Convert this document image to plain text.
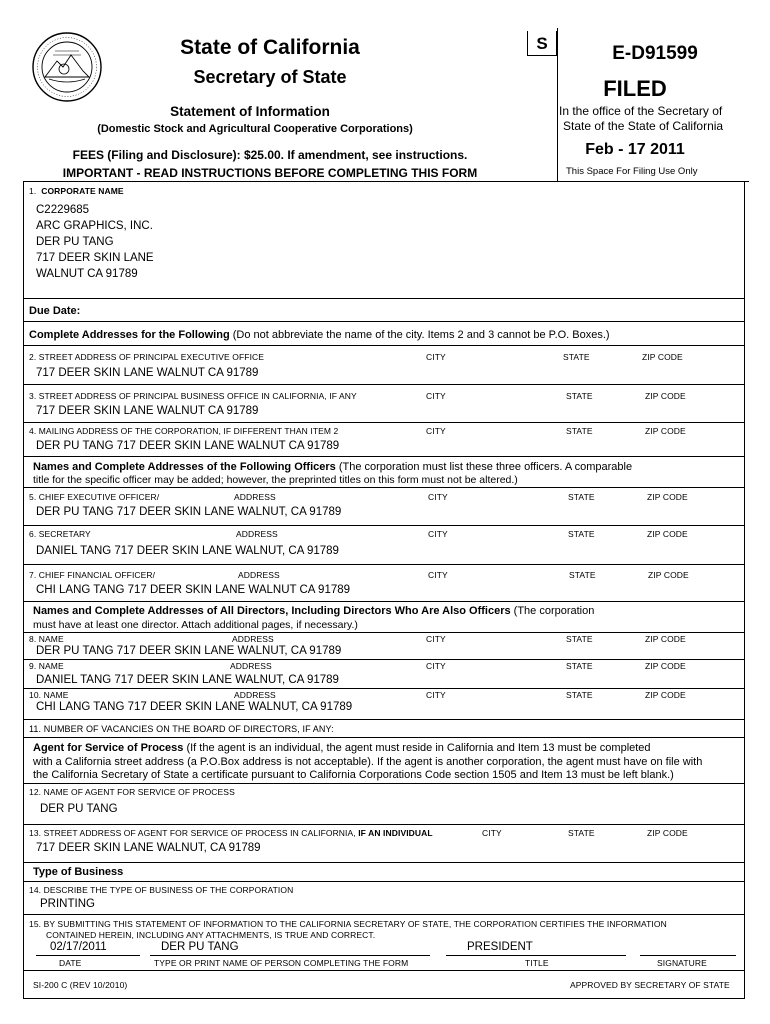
State of California
Secretary of State
Statement of Information
(Domestic Stock and Agricultural Cooperative Corporations)
FEES (Filing and Disclosure): $25.00. If amendment, see instructions.
IMPORTANT - READ INSTRUCTIONS BEFORE COMPLETING THIS FORM
S	E-D91599
FILED
In the office of the Secretary of
State of the State of California
Feb - 17 2011
This Space For Filing Use Only
1. CORPORATE NAME
C2229685
ARC GRAPHICS, INC.
DER PU TANG
717 DEER SKIN LANE
WALNUT CA 91789
Due Date:
Complete Addresses for the Following (Do not abbreviate the name of the city. Items 2 and 3 cannot be P.O. Boxes.)
2. STREET ADDRESS OF PRINCIPAL EXECUTIVE OFFICE	CITY	STATE	ZIP CODE
717 DEER SKIN LANE WALNUT CA 91789
3. STREET ADDRESS OF PRINCIPAL BUSINESS OFFICE IN CALIFORNIA, IF ANY	CITY	STATE	ZIP CODE
717 DEER SKIN LANE WALNUT CA 91789
4. MAILING ADDRESS OF THE CORPORATION, IF DIFFERENT THAN ITEM 2	CITY	STATE	ZIP CODE
DER PU TANG 717 DEER SKIN LANE WALNUT CA 91789
Names and Complete Addresses of the Following Officers (The corporation must list these three officers. A comparable
title for the specific officer may be added; however, the preprinted titles on this form must not be altered.)
5. CHIEF EXECUTIVE OFFICER/	ADDRESS	CITY	STATE	ZIP CODE
DER PU TANG 717 DEER SKIN LANE WALNUT, CA 91789
6. SECRETARY	ADDRESS	CITY	STATE	ZIP CODE
DANIEL TANG 717 DEER SKIN LANE WALNUT, CA 91789
7. CHIEF FINANCIAL OFFICER/	ADDRESS	CITY	STATE	ZIP CODE
CHI LANG TANG 717 DEER SKIN LANE WALNUT CA 91789
Names and Complete Addresses of All Directors, Including Directors Who Are Also Officers (The corporation
must have at least one director. Attach additional pages, if necessary.)
8. NAME	ADDRESS	CITY	STATE	ZIP CODE
DER PU TANG 717 DEER SKIN LANE WALNUT, CA 91789
9. NAME	ADDRESS	CITY	STATE	ZIP CODE
DANIEL TANG 717 DEER SKIN LANE WALNUT, CA 91789
10. NAME	ADDRESS	CITY	STATE	ZIP CODE
CHI LANG TANG 717 DEER SKIN LANE WALNUT, CA 91789
11. NUMBER OF VACANCIES ON THE BOARD OF DIRECTORS, IF ANY:
Agent for Service of Process (If the agent is an individual, the agent must reside in California and Item 13 must be completed
with a California street address (a P.O.Box address is not acceptable). If the agent is another corporation, the agent must have on file with
the California Secretary of State a certificate pursuant to California Corporations Code section 1505 and Item 13 must be left blank.)
12. NAME OF AGENT FOR SERVICE OF PROCESS
DER PU TANG
13. STREET ADDRESS OF AGENT FOR SERVICE OF PROCESS IN CALIFORNIA, IF AN INDIVIDUAL	CITY	STATE	ZIP CODE
717 DEER SKIN LANE WALNUT, CA 91789
Type of Business
14. DESCRIBE THE TYPE OF BUSINESS OF THE CORPORATION
PRINTING
15. BY SUBMITTING THIS STATEMENT OF INFORMATION TO THE CALIFORNIA SECRETARY OF STATE, THE CORPORATION CERTIFIES THE INFORMATION
CONTAINED HEREIN, INCLUDING ANY ATTACHMENTS, IS TRUE AND CORRECT.
02/17/2011	DER PU TANG	PRESIDENT
DATE	TYPE OR PRINT NAME OF PERSON COMPLETING THE FORM	TITLE	SIGNATURE
SI-200 C (REV 10/2010)	APPROVED BY SECRETARY OF STATE
